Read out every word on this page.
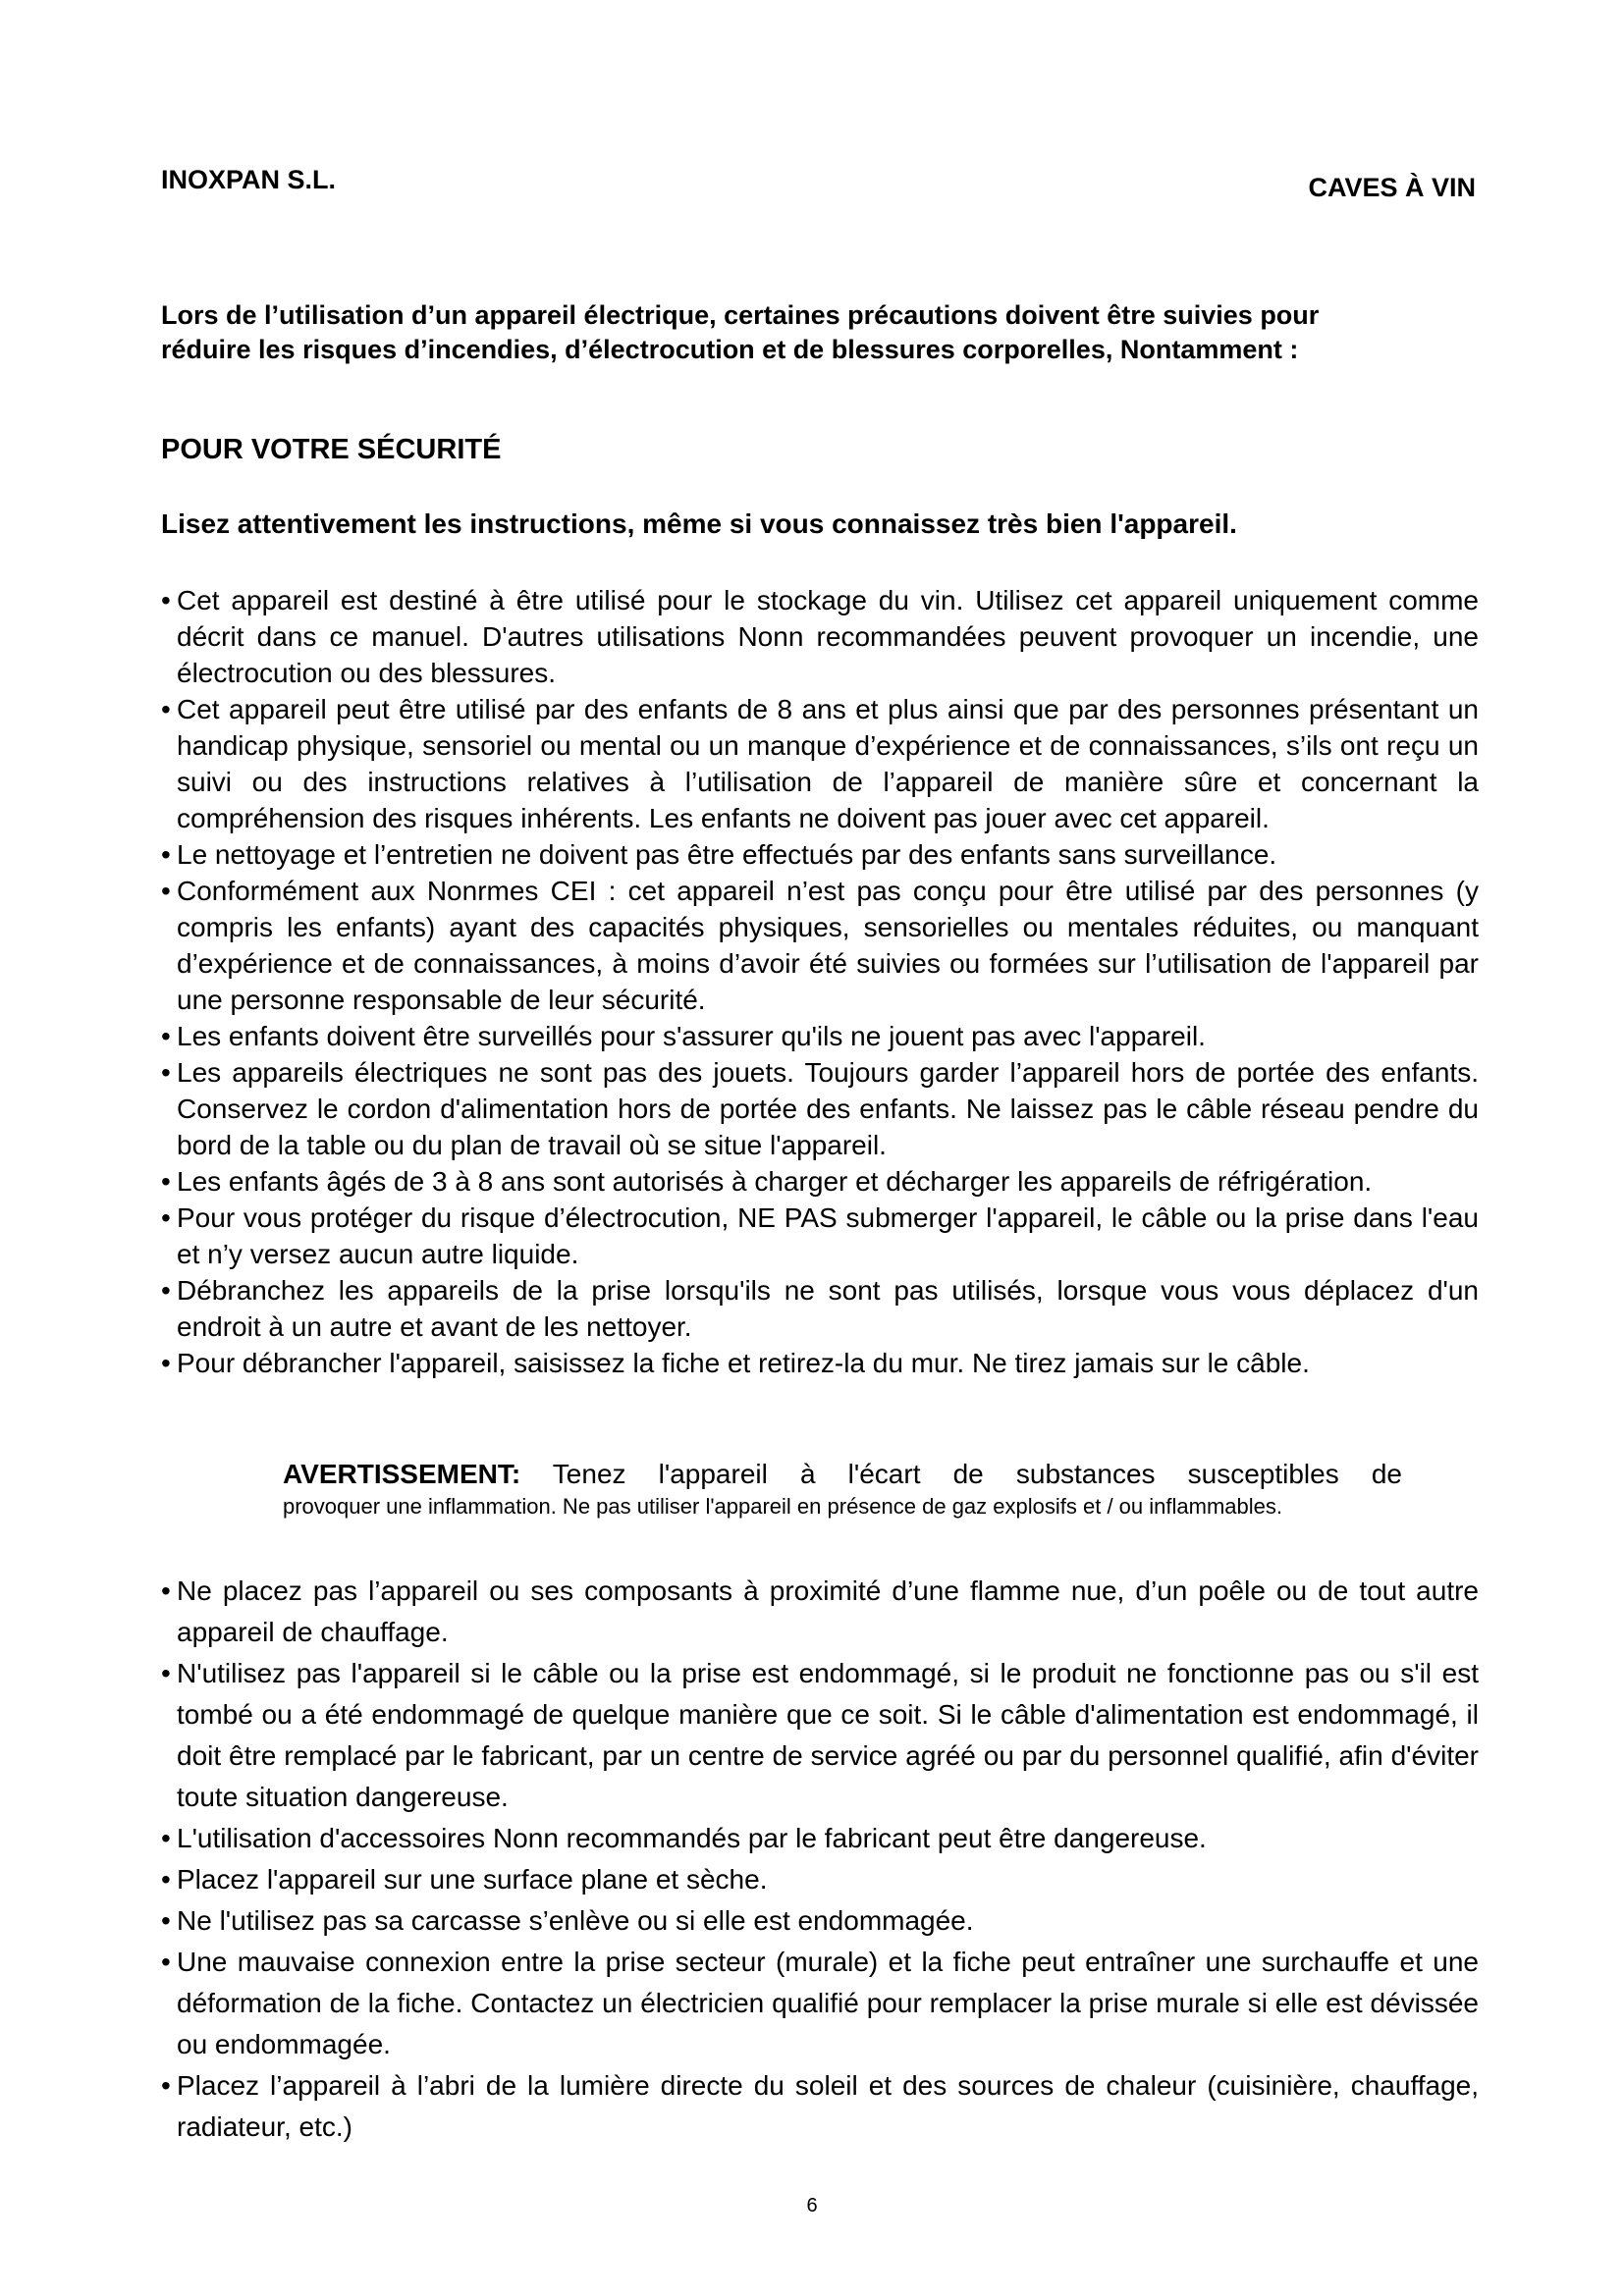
INOXPAN S.L.	CAVES À VIN

Lors de l’utilisation d’un appareil électrique, certaines précautions doivent être suivies pour réduire les risques d’incendies, d’électrocution et de blessures corporelles, Nontamment :

POUR VOTRE SÉCURITÉ

Lisez attentivement les instructions, même si vous connaissez très bien l'appareil.

• Cet appareil est destiné à être utilisé pour le stockage du vin. Utilisez cet appareil uniquement comme décrit dans ce manuel. D'autres utilisations Nonn recommandées peuvent provoquer un incendie, une électrocution ou des blessures.
• Cet appareil peut être utilisé par des enfants de 8 ans et plus ainsi que par des personnes présentant un handicap physique, sensoriel ou mental ou un manque d’expérience et de connaissances, s’ils ont reçu un suivi ou des instructions relatives à l’utilisation de l’appareil de manière sûre et concernant la compréhension des risques inhérents. Les enfants ne doivent pas jouer avec cet appareil.
• Le nettoyage et l’entretien ne doivent pas être effectués par des enfants sans surveillance.
• Conformément aux Nonrmes CEI : cet appareil n’est pas conçu pour être utilisé par des personnes (y compris les enfants) ayant des capacités physiques, sensorielles ou mentales réduites, ou manquant d’expérience et de connaissances, à moins d’avoir été suivies ou formées sur l’utilisation de l'appareil par une personne responsable de leur sécurité.
• Les enfants doivent être surveillés pour s'assurer qu'ils ne jouent pas avec l'appareil.
• Les appareils électriques ne sont pas des jouets. Toujours garder l’appareil hors de portée des enfants. Conservez le cordon d'alimentation hors de portée des enfants. Ne laissez pas le câble réseau pendre du bord de la table ou du plan de travail où se situe l'appareil.
• Les enfants âgés de 3 à 8 ans sont autorisés à charger et décharger les appareils de réfrigération.
• Pour vous protéger du risque d’électrocution, NE PAS submerger l'appareil, le câble ou la prise dans l'eau et n’y versez aucun autre liquide.
• Débranchez les appareils de la prise lorsqu'ils ne sont pas utilisés, lorsque vous vous déplacez d'un endroit à un autre et avant de les nettoyer.
• Pour débrancher l'appareil, saisissez la fiche et retirez-la du mur. Ne tirez jamais sur le câble.
AVERTISSEMENT: Tenez l'appareil à l'écart de substances susceptibles de
provoquer une inflammation. Ne pas utiliser l'appareil en présence de gaz explosifs et / ou inflammables.
• Ne placez pas l’appareil ou ses composants à proximité d’une flamme nue, d’un poêle ou de tout autre appareil de chauffage.
• N'utilisez pas l'appareil si le câble ou la prise est endommagé, si le produit ne fonctionne pas ou s'il est tombé ou a été endommagé de quelque manière que ce soit. Si le câble d'alimentation est endommagé, il doit être remplacé par le fabricant, par un centre de service agréé ou par du personnel qualifié, afin d'éviter toute situation dangereuse.
• L'utilisation d'accessoires Nonn recommandés par le fabricant peut être dangereuse.
• Placez l'appareil sur une surface plane et sèche.
• Ne l'utilisez pas sa carcasse s’enlève ou si elle est endommagée.
• Une mauvaise connexion entre la prise secteur (murale) et la fiche peut entraîner une surchauffe et une déformation de la fiche. Contactez un électricien qualifié pour remplacer la prise murale si elle est dévissée ou endommagée.
• Placez l’appareil à l’abri de la lumière directe du soleil et des sources de chaleur (cuisinière, chauffage, radiateur, etc.)
6
